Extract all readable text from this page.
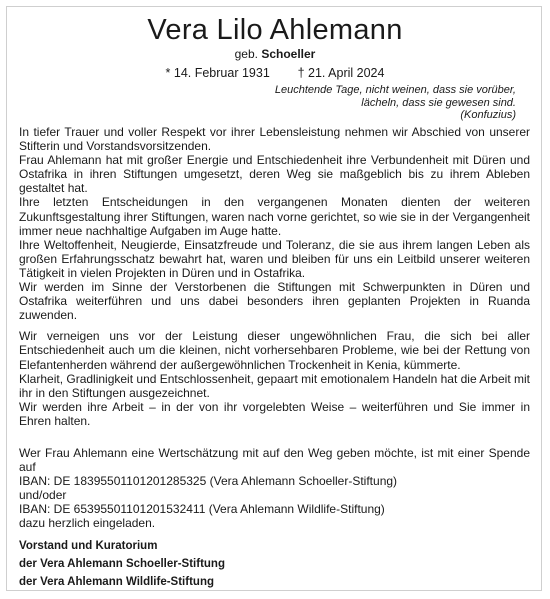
Vera Lilo Ahlemann
geb. Schoeller
* 14. Februar 1931 † 21. April 2024
Leuchtende Tage, nicht weinen, dass sie vorüber,
lächeln, dass sie gewesen sind.
(Konfuzius)

In tiefer Trauer und voller Respekt vor ihrer Lebensleistung nehmen wir Abschied von unserer Stifterin und Vorstandsvorsitzenden.

Frau Ahlemann hat mit großer Energie und Entschiedenheit ihre Verbundenheit mit Düren und Ostafrika in ihren Stiftungen umgesetzt, deren Weg sie maßgeblich bis zu ihrem Ableben gestaltet hat.

Ihre letzten Entscheidungen in den vergangenen Monaten dienten der weiteren Zukunftsgestaltung ihrer Stiftungen, waren nach vorne gerichtet, so wie sie in der Vergangenheit immer neue nachhaltige Aufgaben im Auge hatte.

Ihre Weltoffenheit, Neugierde, Einsatzfreude und Toleranz, die sie aus ihrem langen Leben als großen Erfahrungsschatz bewahrt hat, waren und bleiben für uns ein Leitbild unserer weiteren Tätigkeit in vielen Projekten in Düren und in Ostafrika.

Wir werden im Sinne der Verstorbenen die Stiftungen mit Schwerpunkten in Düren und Ostafrika weiterführen und uns dabei besonders ihren geplanten Projekten in Ruanda zuwenden.

Wir verneigen uns vor der Leistung dieser ungewöhnlichen Frau, die sich bei aller Entschiedenheit auch um die kleinen, nicht vorhersehbaren Probleme, wie bei der Rettung von Elefantenherden während der außergewöhnlichen Trockenheit in Kenia, kümmerte.

Klarheit, Gradlinigkeit und Entschlossenheit, gepaart mit emotionalem Handeln hat die Arbeit mit ihr in den Stiftungen ausgezeichnet.

Wir werden ihre Arbeit – in der von ihr vorgelebten Weise – weiterführen und Sie immer in Ehren halten.

Wer Frau Ahlemann eine Wertschätzung mit auf den Weg geben möchte, ist mit einer Spende auf

IBAN: DE 18395501101201285325 (Vera Ahlemann Schoeller-Stiftung)
und/oder
IBAN: DE 65395501101201532411 (Vera Ahlemann Wildlife-Stiftung)
dazu herzlich eingeladen.
Vorstand und Kuratorium
der Vera Ahlemann Schoeller-Stiftung
der Vera Ahlemann Wildlife-Stiftung
